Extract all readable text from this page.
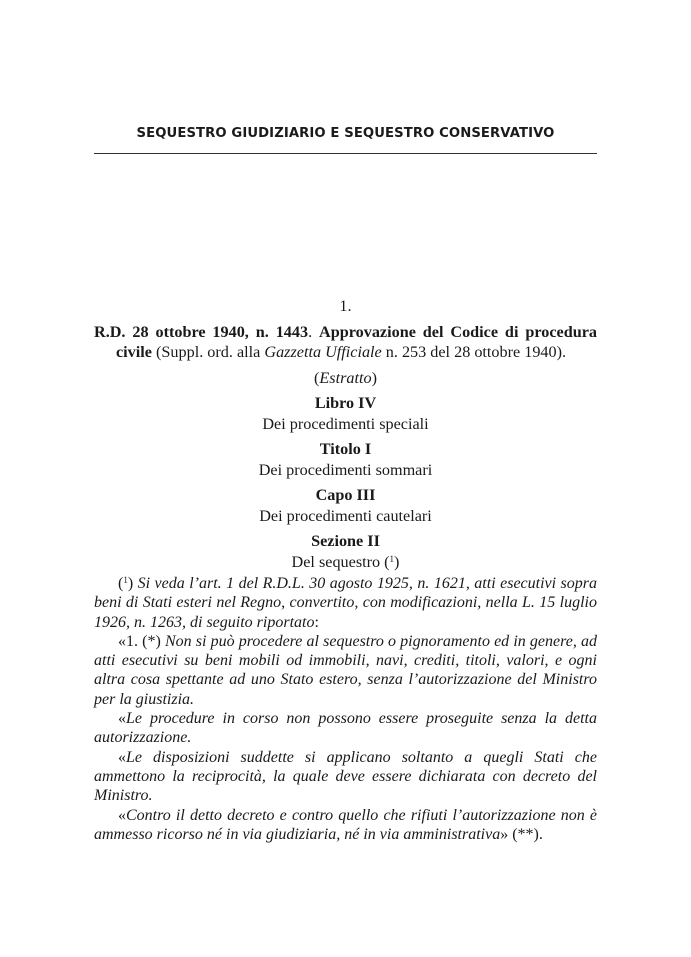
SEQUESTRO GIUDIZIARIO E SEQUESTRO CONSERVATIVO
1.
R.D. 28 ottobre 1940, n. 1443. Approvazione del Codice di procedura civile (Suppl. ord. alla Gazzetta Ufficiale n. 253 del 28 ottobre 1940).
(Estratto)
Libro IV
Dei procedimenti speciali
Titolo I
Dei procedimenti sommari
Capo III
Dei procedimenti cautelari
Sezione II
Del sequestro ($^1$)

($^1$) Si veda l’art. 1 del R.D.L. 30 agosto 1925, n. 1621, atti esecutivi sopra beni di Stati esteri nel Regno, convertito, con modificazioni, nella L. 15 luglio 1926, n. 1263, di seguito riportato:

«1. (*) Non si può procedere al sequestro o pignoramento ed in genere, ad atti esecutivi su beni mobili od immobili, navi, crediti, titoli, valori, e ogni altra cosa spettante ad uno Stato estero, senza l’autorizzazione del Ministro per la giustizia.

«Le procedure in corso non possono essere proseguite senza la detta autorizzazione.

«Le disposizioni suddette si applicano soltanto a quegli Stati che ammettono la reciprocità, la quale deve essere dichiarata con decreto del Ministro.

«Contro il detto decreto e contro quello che rifiuti l’autorizzazione non è ammesso ricorso né in via giudiziaria, né in via amministrativa» (**).
